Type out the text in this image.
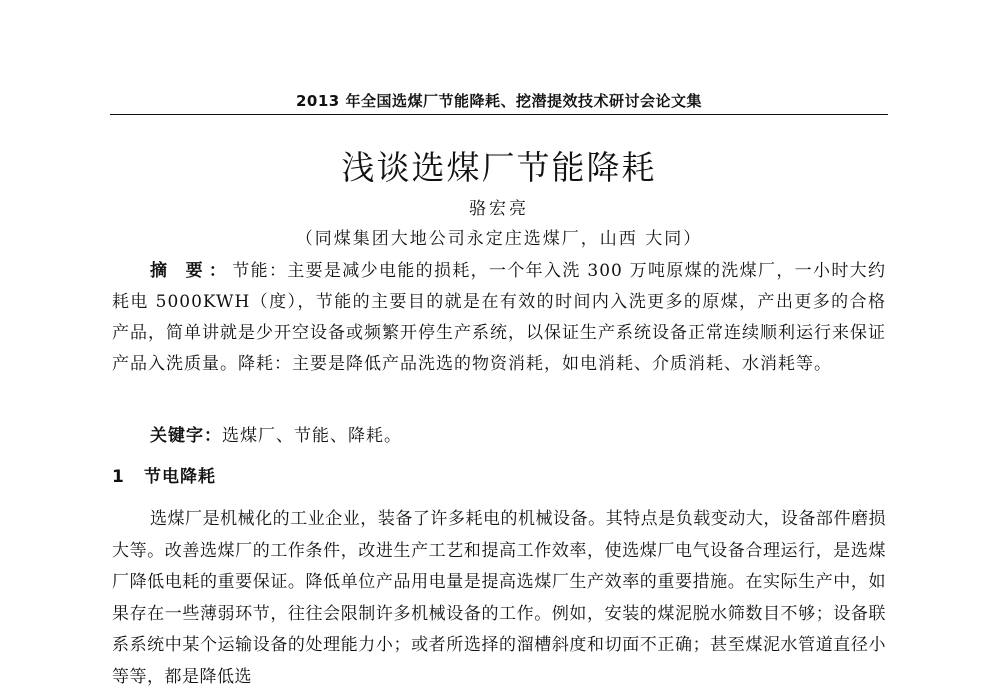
2013 年全国选煤厂节能降耗、挖潜提效技术研讨会论文集
浅谈选煤厂节能降耗
骆宏亮
（同煤集团大地公司永定庄选煤厂，山西 大同）
摘 要：节能：主要是减少电能的损耗，一个年入洗 300 万吨原煤的洗煤厂，一小时大约耗电 5000KWH（度），节能的主要目的就是在有效的时间内入洗更多的原煤，产出更多的合格产品，简单讲就是少开空设备或频繁开停生产系统，以保证生产系统设备正常连续顺利运行来保证产品入洗质量。降耗：主要是降低产品洗选的物资消耗，如电消耗、介质消耗、水消耗等。
关键字：选煤厂、节能、降耗。
1 节电降耗
选煤厂是机械化的工业企业，装备了许多耗电的机械设备。其特点是负载变动大，设备部件磨损大等。改善选煤厂的工作条件，改进生产工艺和提高工作效率，使选煤厂电气设备合理运行，是选煤厂降低电耗的重要保证。降低单位产品用电量是提高选煤厂生产效率的重要措施。在实际生产中，如果存在一些薄弱环节，往往会限制许多机械设备的工作。例如，安装的煤泥脱水筛数目不够；设备联系系统中某个运输设备的处理能力小；或者所选择的溜槽斜度和切面不正确；甚至煤泥水管道直径小等等，都是降低选
